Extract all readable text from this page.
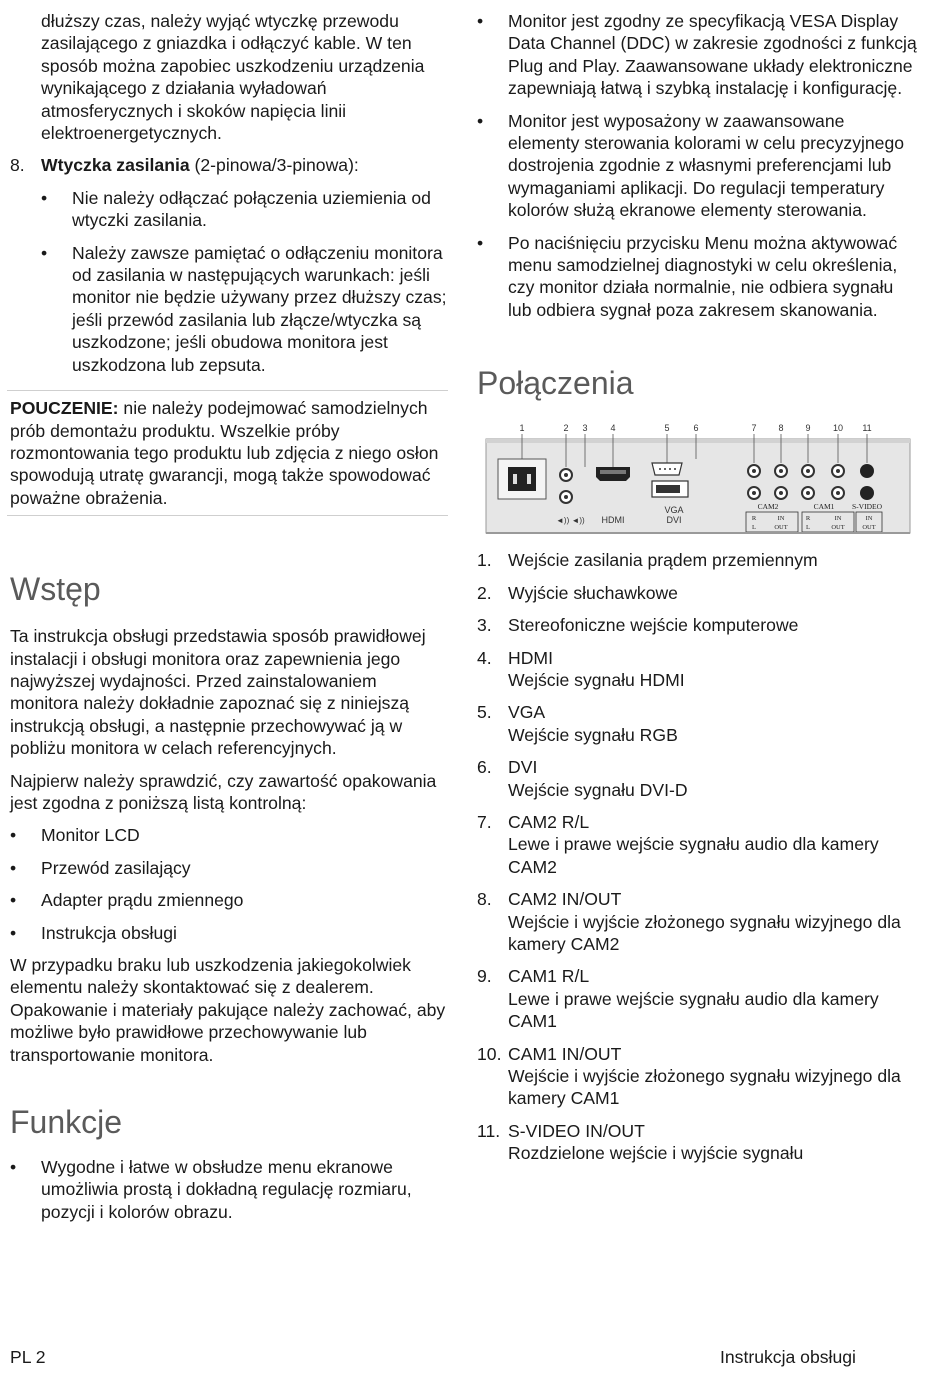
dłuższy czas, należy wyjąć wtyczkę przewodu zasilającego z gniazdka i odłączyć kable. W ten sposób można zapobiec uszkodzeniu urządzenia wynikającego z działania wyładowań atmosferycznych i skoków napięcia linii elektroenergetycznych.

8. Wtyczka zasilania (2-pinowa/3-pinowa):
•	Nie należy odłączać połączenia uziemienia od wtyczki zasilania.
•	Należy zawsze pamiętać o odłączeniu monitora od zasilania w następujących warunkach: jeśli monitor nie będzie używany przez dłuższy czas; jeśli przewód zasilania lub złącze/wtyczka są uszkodzone; jeśli obudowa monitora jest uszkodzona lub zepsuta.
POUCZENIE: nie należy podejmować samodzielnych prób demontażu produktu. Wszelkie próby rozmontowania tego produktu lub zdjęcia z niego osłon spowodują utratę gwarancji, mogą także spowodować poważne obrażenia.
Wstęp

Ta instrukcja obsługi przedstawia sposób prawidłowej instalacji i obsługi monitora oraz zapewnienia jego najwyższej wydajności. Przed zainstalowaniem monitora należy dokładnie zapoznać się z niniejszą instrukcją obsługi, a następnie przechowywać ją w pobliżu monitora w celach referencyjnych.

Najpierw należy sprawdzić, czy zawartość opakowania jest zgodna z poniższą listą kontrolną:

•	Monitor LCD
•	Przewód zasilający
•	Adapter prądu zmiennego
•	Instrukcja obsługi

W przypadku braku lub uszkodzenia jakiegokolwiek elementu należy skontaktować się z dealerem. Opakowanie i materiały pakujące należy zachować, aby możliwe było prawidłowe przechowywanie lub transportowanie monitora.

Funkcje
•	Wygodne i łatwe w obsłudze menu ekranowe umożliwia prostą i dokładną regulację rozmiaru, pozycji i kolorów obrazu.
•	Monitor jest zgodny ze specyfikacją VESA Display Data Channel (DDC) w zakresie zgodności z funkcją Plug and Play. Zaawansowane układy elektroniczne zapewniają łatwą i szybką instalację i konfigurację.
•	Monitor jest wyposażony w zaawansowane elementy sterowania kolorami w celu precyzyjnego dostrojenia zgodnie z własnymi preferencjami lub wymaganiami aplikacji. Do regulacji temperatury kolorów służą ekranowe elementy sterowania.
•	Po naciśnięciu przycisku Menu można aktywować menu samodzielnej diagnostyki w celu określenia, czy monitor działa normalnie, nie odbiera sygnału lub odbiera sygnał poza zakresem skanowania.
Połączenia
1	2 3	4	5	6	7 8 9 10 11
◄)) ◄)) HDMI
VGA
DVI
CAM2	CAM1 S-VIDEO
R
L
IN
OUT
R
L
IN
OUT
IN
OUT
1. Wejście zasilania prądem przemiennym
2. Wyjście słuchawkowe
3. Stereofoniczne wejście komputerowe
4. HDMI
Wejście sygnału HDMI
5. VGA
Wejście sygnału RGB
6. DVI
Wejście sygnału DVI-D
7. CAM2 R/L
Lewe i prawe wejście sygnału audio dla kamery CAM2
8. CAM2 IN/OUT
Wejście i wyjście złożonego sygnału wizyjnego dla kamery CAM2
9. CAM1 R/L
Lewe i prawe wejście sygnału audio dla kamery CAM1
10. CAM1 IN/OUT
Wejście i wyjście złożonego sygnału wizyjnego dla kamery CAM1
11. S-VIDEO IN/OUT
Rozdzielone wejście i wyjście sygnału
PL 2	Instrukcja obsługi
